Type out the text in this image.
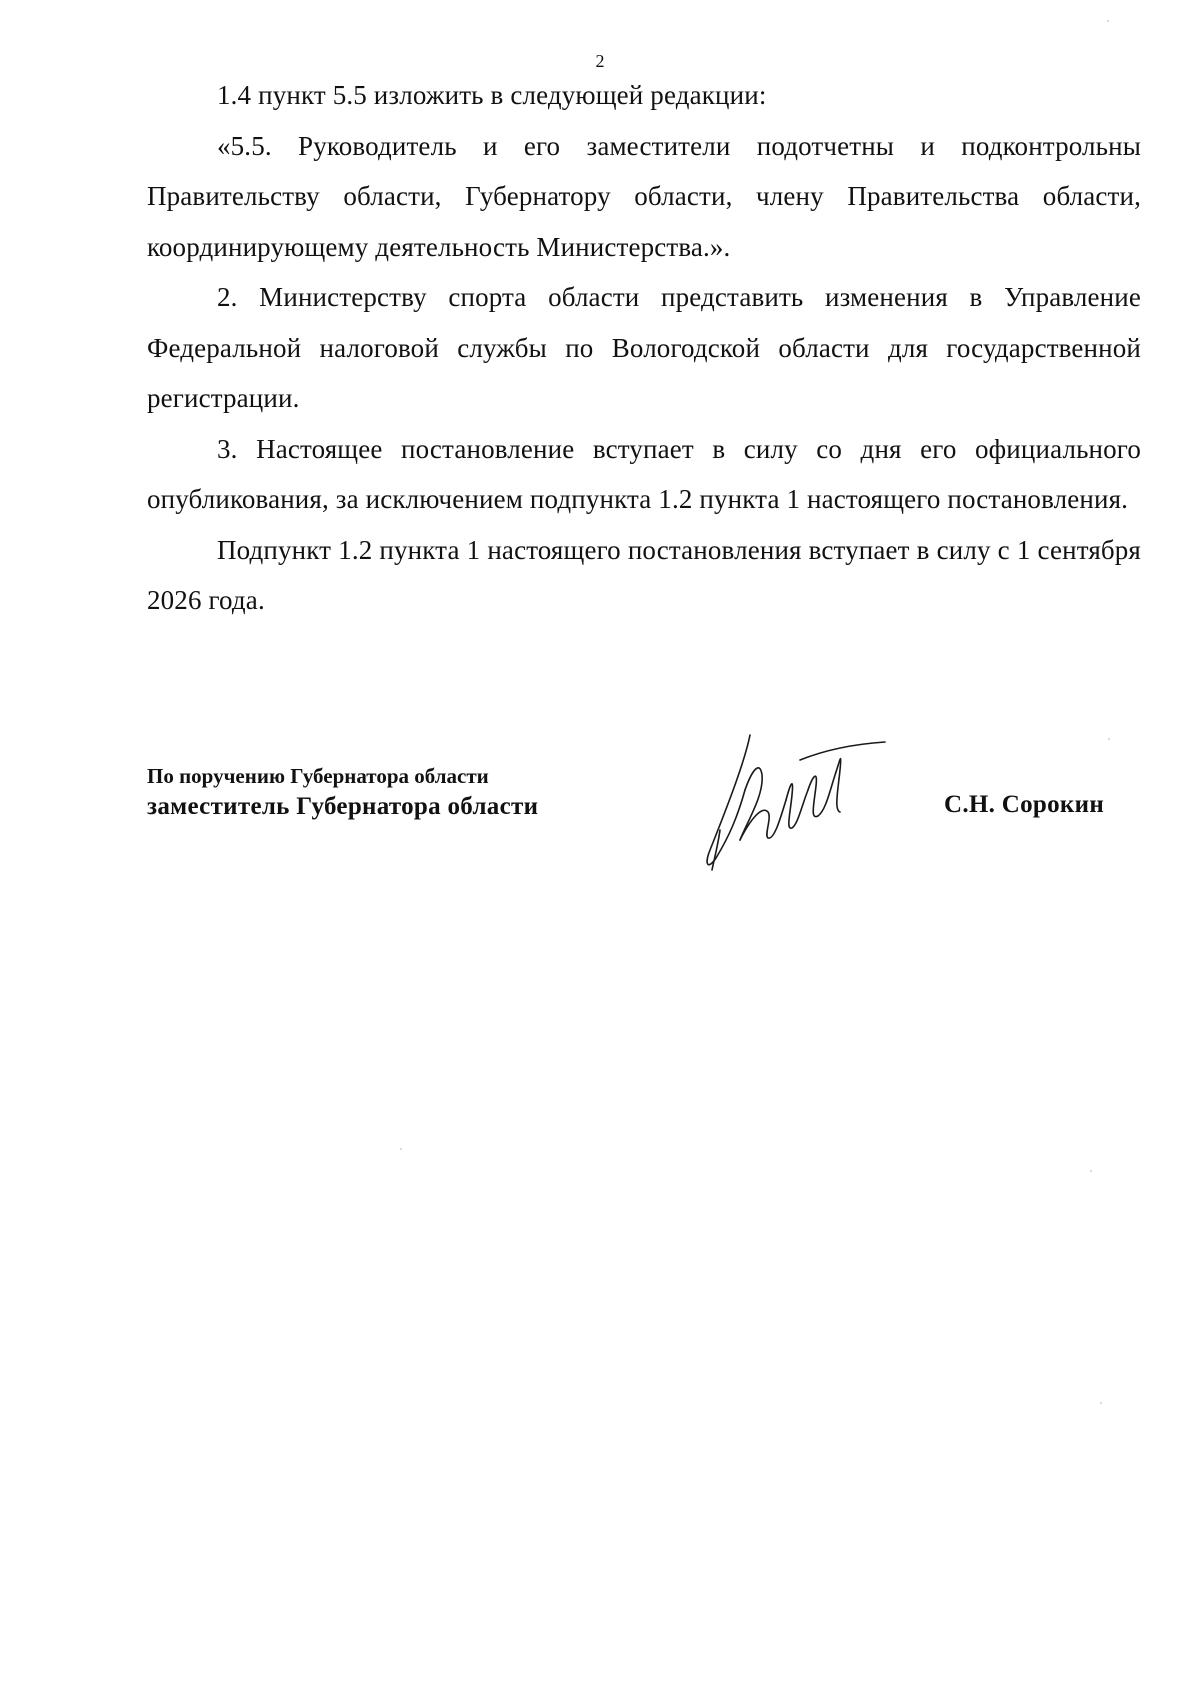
2

1.4 пункт 5.5 изложить в следующей редакции:

«5.5. Руководитель и его заместители подотчетны и подконтрольны Правительству области, Губернатору области, члену Правительства области, координирующему деятельность Министерства.».

2. Министерству спорта области представить изменения в Управление Федеральной налоговой службы по Вологодской области для государственной регистрации.

3. Настоящее постановление вступает в силу со дня его официального опубликования, за исключением подпункта 1.2 пункта 1 настоящего постановления.

Подпункт 1.2 пункта 1 настоящего постановления вступает в силу с 1 сентября 2026 года.

По поручению Губернатора области
заместитель Губернатора области	С.Н. Сорокин
